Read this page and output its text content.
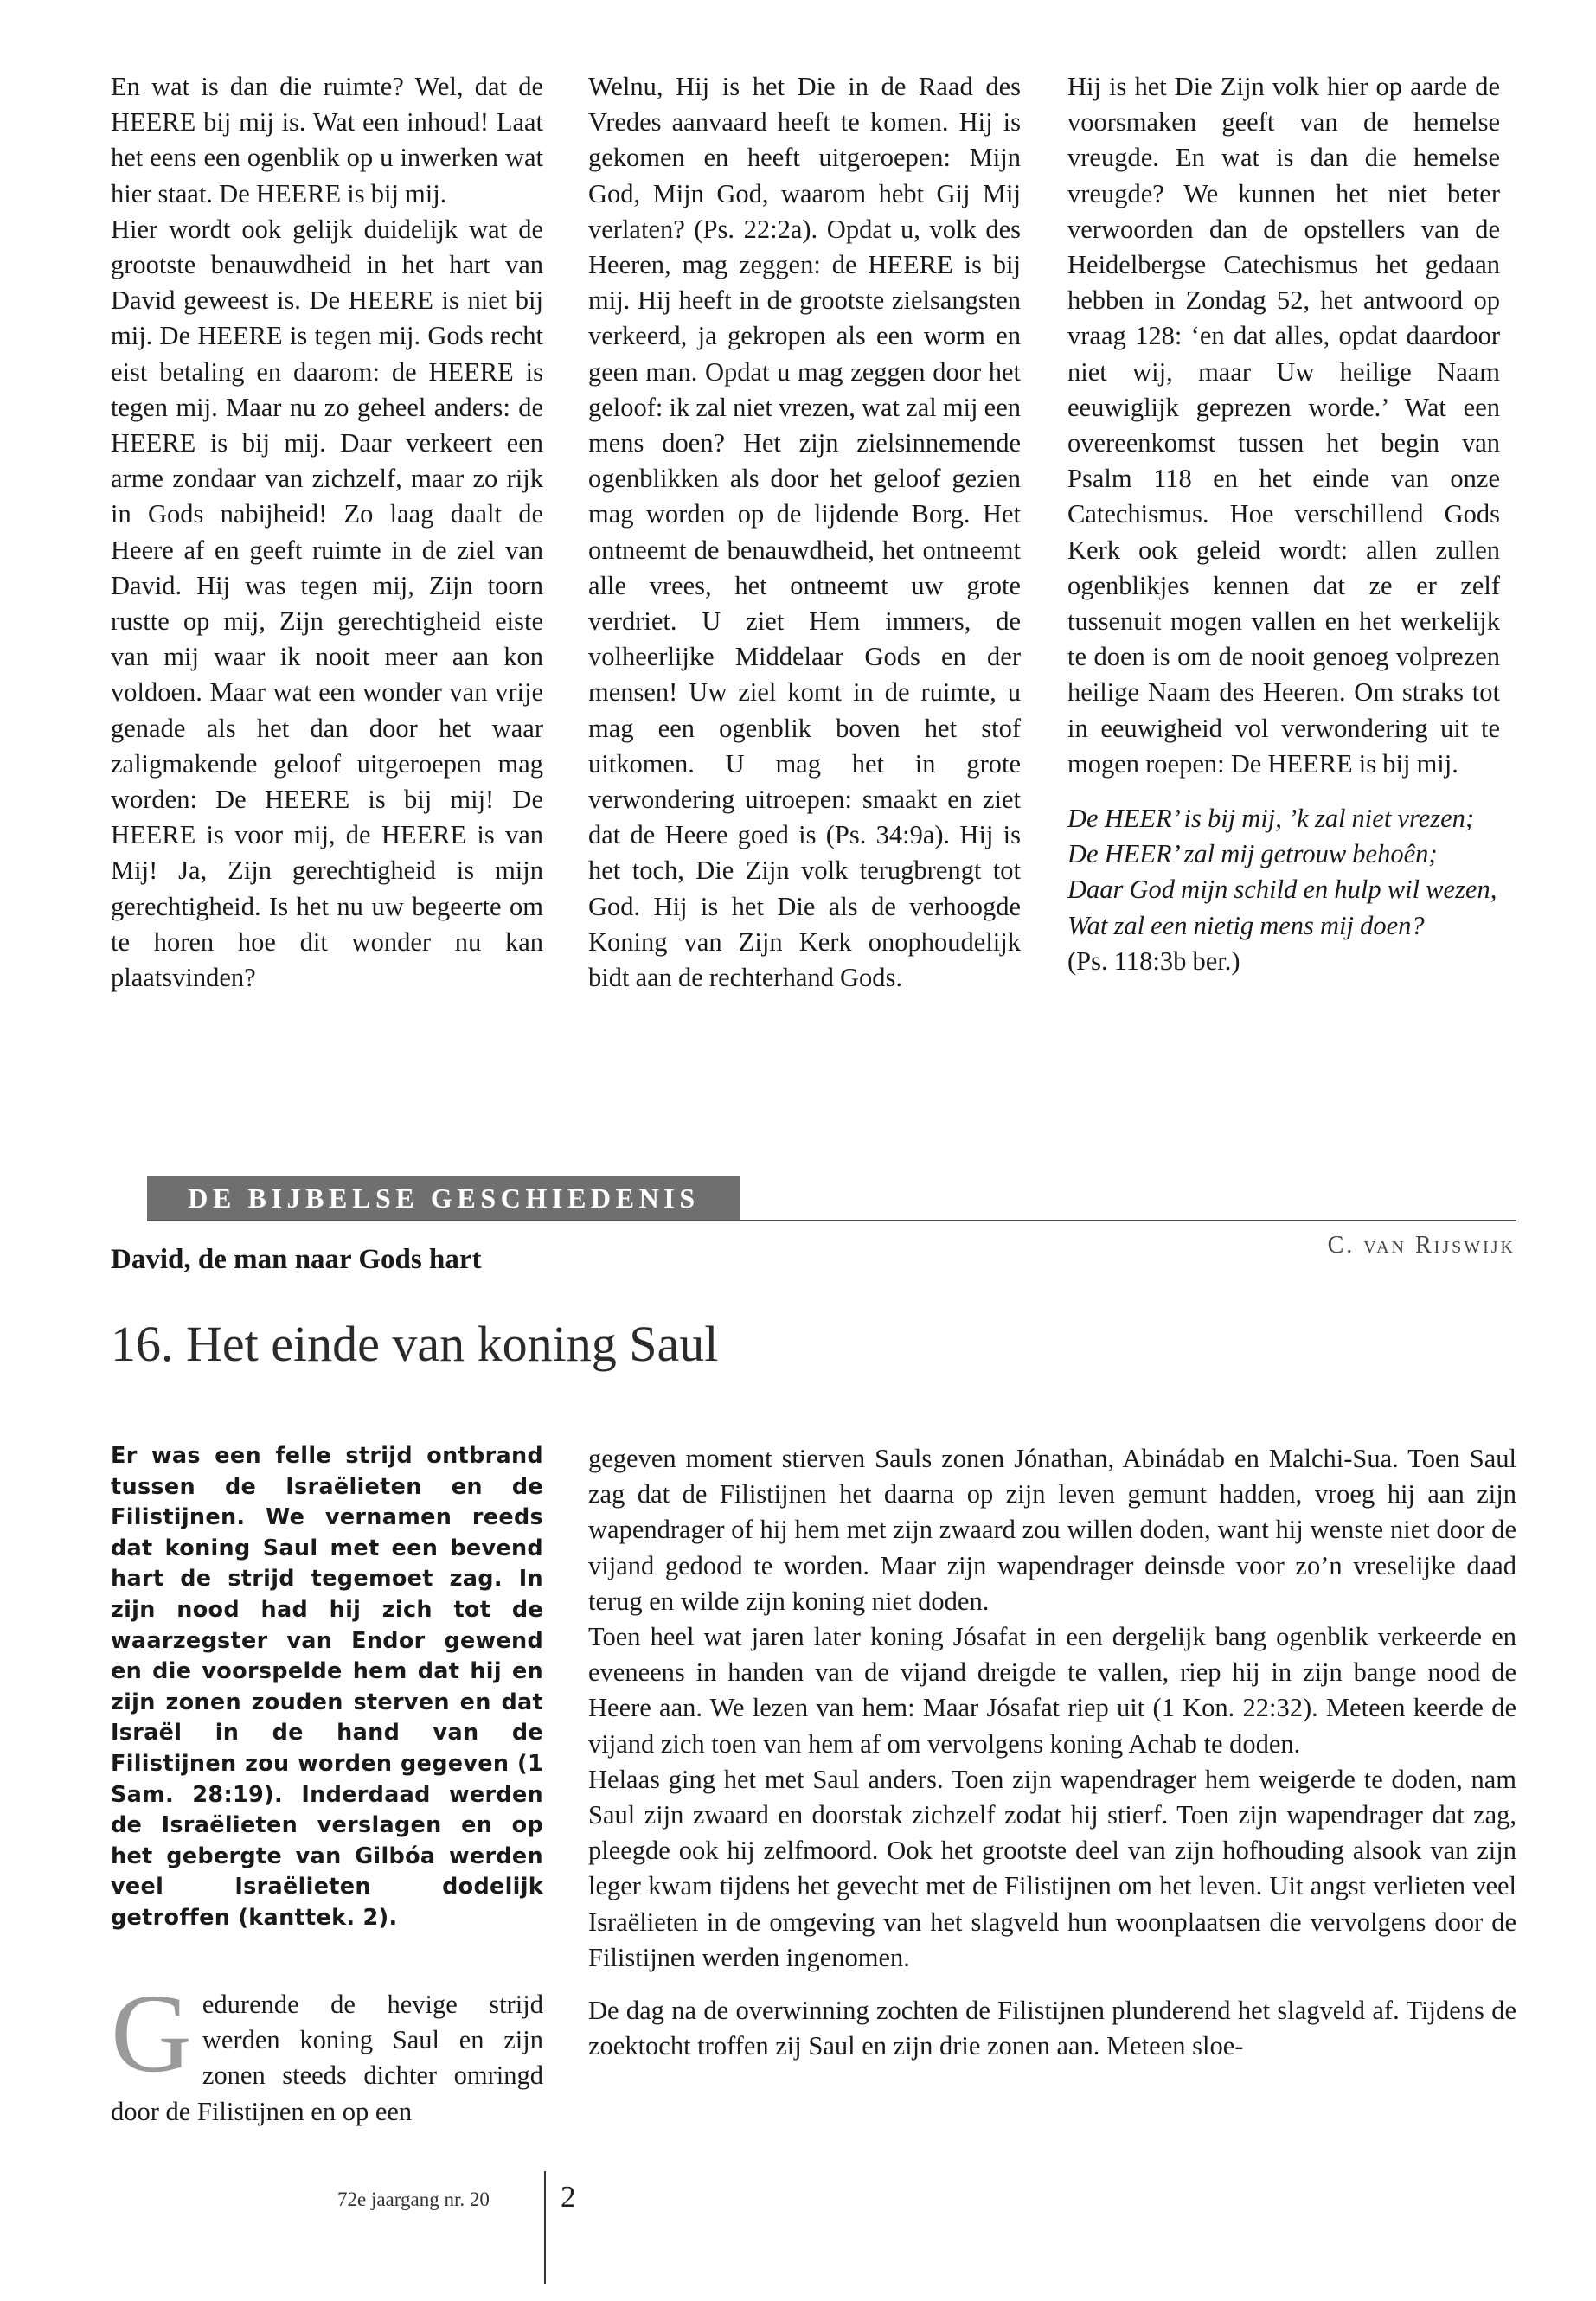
En wat is dan die ruimte? Wel, dat de HEERE bij mij is. Wat een inhoud! Laat het eens een ogenblik op u inwerken wat hier staat. De HEERE is bij mij.

Hier wordt ook gelijk duidelijk wat de grootste benauwdheid in het hart van David geweest is. De HEERE is niet bij mij. De HEERE is tegen mij. Gods recht eist betaling en daarom: de HEERE is tegen mij. Maar nu zo geheel anders: de HEERE is bij mij. Daar verkeert een arme zondaar van zichzelf, maar zo rijk in Gods nabijheid! Zo laag daalt de Heere af en geeft ruimte in de ziel van David. Hij was tegen mij, Zijn toorn rustte op mij, Zijn gerechtigheid eiste van mij waar ik nooit meer aan kon voldoen. Maar wat een wonder van vrije genade als het dan door het waar zaligmakende geloof uitgeroepen mag worden: De HEERE is bij mij! De HEERE is voor mij, de HEERE is van Mij! Ja, Zijn gerechtigheid is mijn gerechtigheid. Is het nu uw begeerte om te horen hoe dit wonder nu kan plaatsvinden?

Welnu, Hij is het Die in de Raad des Vredes aanvaard heeft te komen. Hij is gekomen en heeft uitgeroepen: Mijn God, Mijn God, waarom hebt Gij Mij verlaten? (Ps. 22:2a). Opdat u, volk des Heeren, mag zeggen: de HEERE is bij mij. Hij heeft in de grootste zielsangsten verkeerd, ja gekropen als een worm en geen man. Opdat u mag zeggen door het geloof: ik zal niet vrezen, wat zal mij een mens doen? Het zijn zielsinnemende ogenblikken als door het geloof gezien mag worden op de lijdende Borg. Het ontneemt de benauwdheid, het ontneemt alle vrees, het ontneemt uw grote verdriet. U ziet Hem immers, de volheerlijke Middelaar Gods en der mensen! Uw ziel komt in de ruimte, u mag een ogenblik boven het stof uitkomen. U mag het in grote verwondering uitroepen: smaakt en ziet dat de Heere goed is (Ps. 34:9a). Hij is het toch, Die Zijn volk terugbrengt tot God. Hij is het Die als de verhoogde Koning van Zijn Kerk onophoudelijk bidt aan de rechterhand Gods.

Hij is het Die Zijn volk hier op aarde de voorsmaken geeft van de hemelse vreugde. En wat is dan die hemelse vreugde? We kunnen het niet beter verwoorden dan de opstellers van de Heidelbergse Catechismus het gedaan hebben in Zondag 52, het antwoord op vraag 128: ‘en dat alles, opdat daardoor niet wij, maar Uw heilige Naam eeuwiglijk geprezen worde.’ Wat een overeenkomst tussen het begin van Psalm 118 en het einde van onze Catechismus. Hoe verschillend Gods Kerk ook geleid wordt: allen zullen ogenblikjes kennen dat ze er zelf tussenuit mogen vallen en het werkelijk te doen is om de nooit genoeg volprezen heilige Naam des Heeren. Om straks tot in eeuwigheid vol verwondering uit te mogen roepen: De HEERE is bij mij.

De HEER’ is bij mij, ’k zal niet vrezen;

De HEER’ zal mij getrouw behoên;

Daar God mijn schild en hulp wil wezen,

Wat zal een nietig mens mij doen?

(Ps. 118:3b ber.)

DE BIJBELSE GESCHIEDENIS
C. van Rijswijk
David, de man naar Gods hart
16. Het einde van koning Saul

Er was een felle strijd ontbrand tussen de Israëlieten en de Filistijnen. We vernamen reeds dat koning Saul met een bevend hart de strijd tegemoet zag. In zijn nood had hij zich tot de waarzegster van Endor gewend en die voorspelde hem dat hij en zijn zonen zouden sterven en dat Israël in de hand van de Filistijnen zou worden gegeven (1 Sam. 28:19). Inderdaad werden de Israëlieten verslagen en op het gebergte van Gilbóa werden veel Israëlieten dodelijk getroffen (kanttek. 2).

G edurende de hevige strijd werden koning Saul en zijn zonen steeds dichter omringd door de Filistijnen en op een

gegeven moment stierven Sauls zonen Jónathan, Abinádab en Malchi-Sua. Toen Saul zag dat de Filistijnen het daarna op zijn leven gemunt hadden, vroeg hij aan zijn wapendrager of hij hem met zijn zwaard zou willen doden, want hij wenste niet door de vijand gedood te worden. Maar zijn wapendrager deinsde voor zo’n vreselijke daad terug en wilde zijn koning niet doden.

Toen heel wat jaren later koning Jósafat in een dergelijk bang ogenblik verkeerde en eveneens in handen van de vijand dreigde te vallen, riep hij in zijn bange nood de Heere aan. We lezen van hem: Maar Jósafat riep uit (1 Kon. 22:32). Meteen keerde de vijand zich toen van hem af om vervolgens koning Achab te doden.

Helaas ging het met Saul anders. Toen zijn wapendrager hem weigerde te doden, nam Saul zijn zwaard en doorstak zichzelf zodat hij stierf. Toen zijn wapendrager dat zag, pleegde ook hij zelfmoord. Ook het grootste deel van zijn hofhouding alsook van zijn leger kwam tijdens het gevecht met de Filistijnen om het leven. Uit angst verlieten veel Israëlieten in de omgeving van het slagveld hun woonplaatsen die vervolgens door de Filistijnen werden ingenomen.

De dag na de overwinning zochten de Filistijnen plunderend het slagveld af. Tijdens de zoektocht troffen zij Saul en zijn drie zonen aan. Meteen sloe-

72e jaargang nr. 20 2
